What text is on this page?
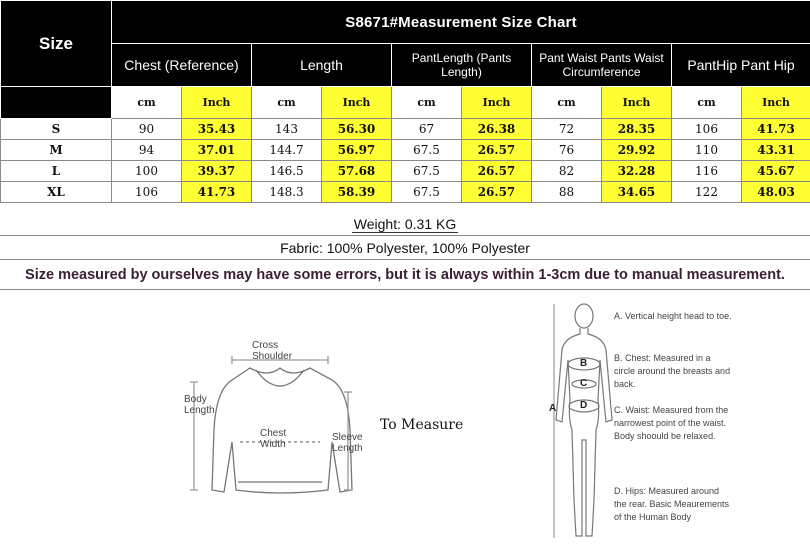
Size	S8671#Measurement Size Chart									
	Chest (Reference)		Length		PantLength (Pants Length)		Pant Waist Pants Waist Circumference		PantHip Pant Hip	
	cm	Inch	cm	Inch	cm	Inch	cm	Inch	cm	Inch
S	90	35.43	143	56.30	67	26.38	72	28.35	106	41.73
M	94	37.01	144.7	56.97	67.5	26.57	76	29.92	110	43.31
L	100	39.37	146.5	57.68	67.5	26.57	82	32.28	116	45.67
XL	106	41.73	148.3	58.39	67.5	26.57	88	34.65	122	48.03
Weight: 0.31 KG
Fabric: 100% Polyester, 100% Polyester
Size measured by ourselves may have some errors, but it is always within 1-3cm due to manual measurement.
Cross Shoulder
Body Length
Chest Width
Sleeve Length
To Measure
A
B
C
D
A. Vertical height head to toe.
B. Chest: Measured in a circle around the breasts and back.
C. Waist: Measured from the narrowest point of the waist. Body shoould be relaxed.
D. Hips: Measured around the rear. Basic Meaurements of the Human Body
